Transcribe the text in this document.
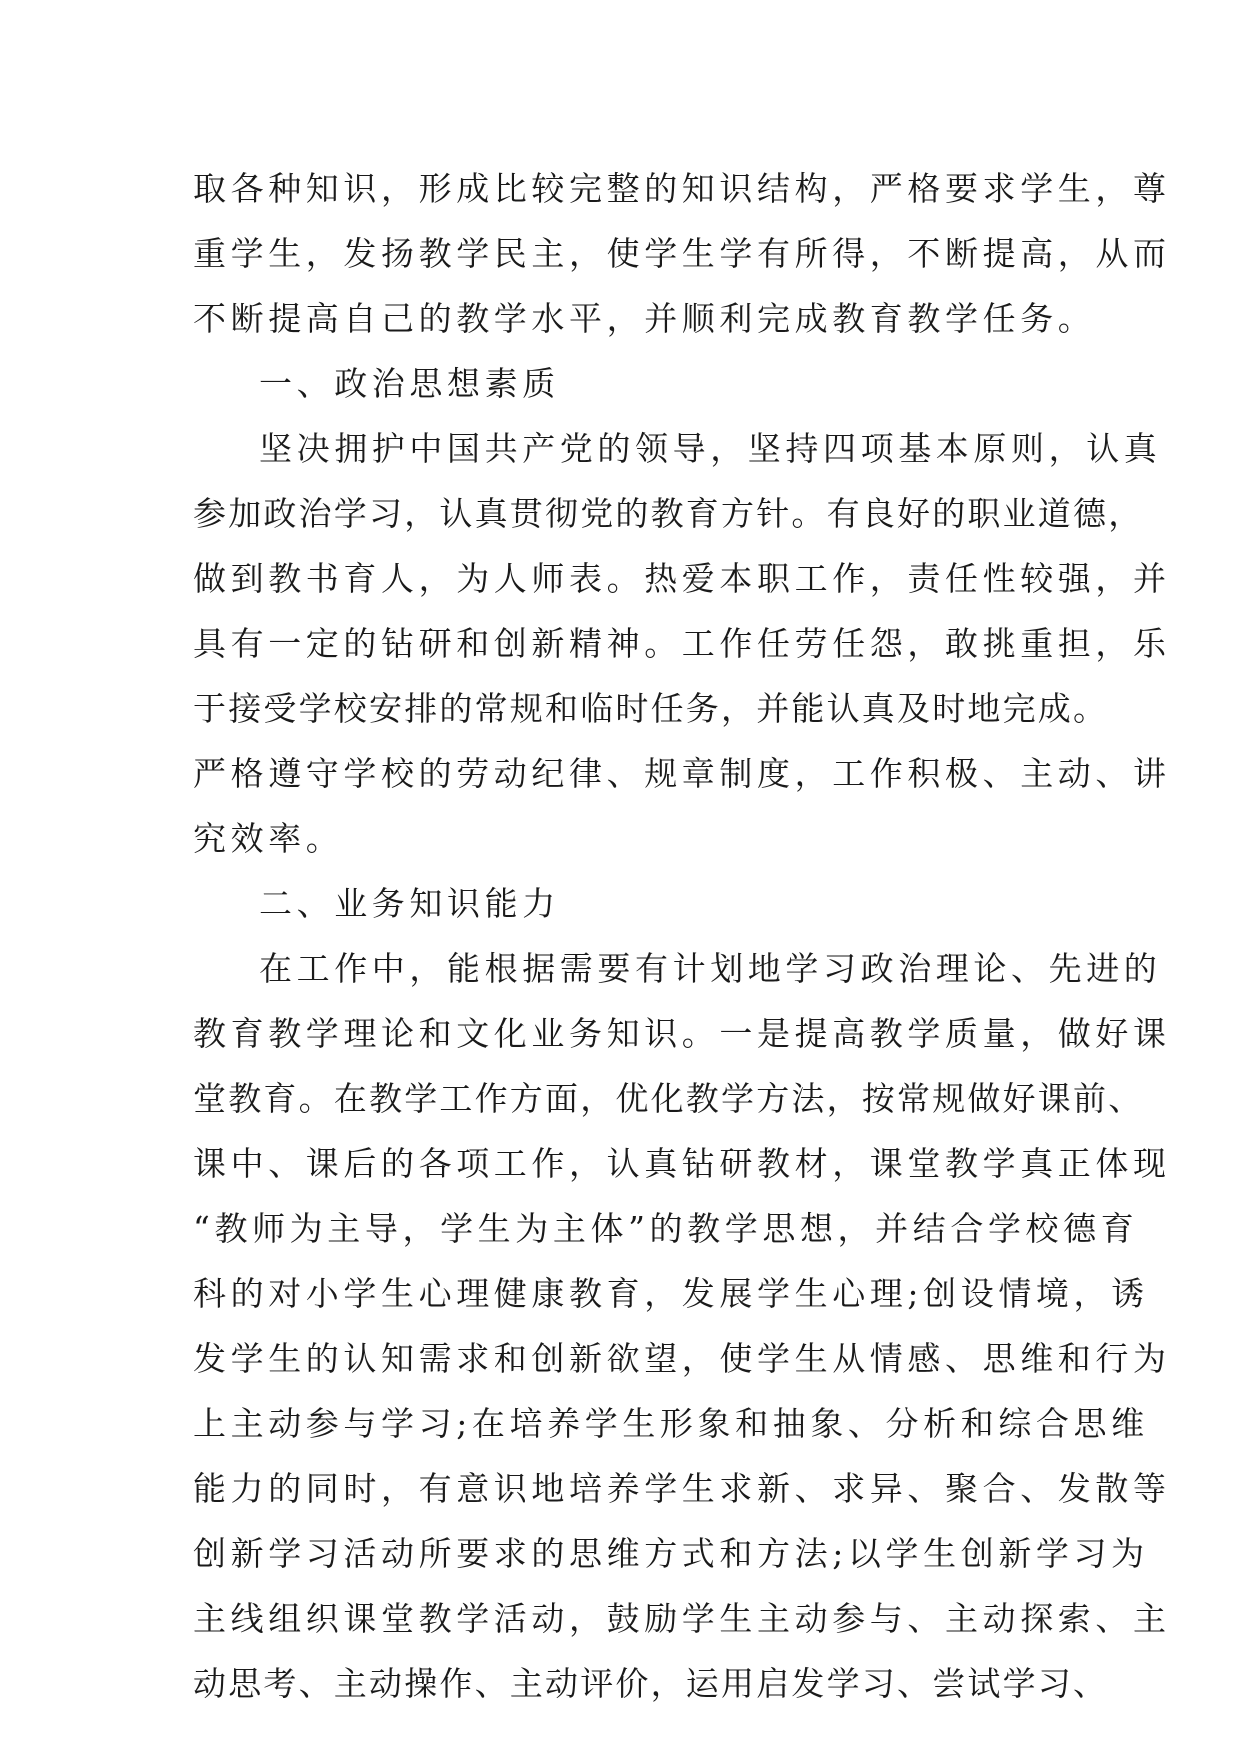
取各种知识，形成比较完整的知识结构，严格要求学生，尊
重学生，发扬教学民主，使学生学有所得，不断提高，从而
不断提高自己的教学水平，并顺利完成教育教学任务。
一、政治思想素质
坚决拥护中国共产党的领导，坚持四项基本原则，认真
参加政治学习，认真贯彻党的教育方针。有良好的职业道德，
做到教书育人，为人师表。热爱本职工作，责任性较强，并
具有一定的钻研和创新精神。工作任劳任怨，敢挑重担，乐
于接受学校安排的常规和临时任务，并能认真及时地完成。
严格遵守学校的劳动纪律、规章制度，工作积极、主动、讲
究效率。
二、业务知识能力
在工作中，能根据需要有计划地学习政治理论、先进的
教育教学理论和文化业务知识。一是提高教学质量，做好课
堂教育。在教学工作方面，优化教学方法，按常规做好课前、
课中、课后的各项工作，认真钻研教材，课堂教学真正体现
“教师为主导，学生为主体”的教学思想，并结合学校德育
科的对小学生心理健康教育，发展学生心理;创设情境，诱
发学生的认知需求和创新欲望，使学生从情感、思维和行为
上主动参与学习;在培养学生形象和抽象、分析和综合思维
能力的同时，有意识地培养学生求新、求异、聚合、发散等
创新学习活动所要求的思维方式和方法;以学生创新学习为
主线组织课堂教学活动，鼓励学生主动参与、主动探索、主
动思考、主动操作、主动评价，运用启发学习、尝试学习、
